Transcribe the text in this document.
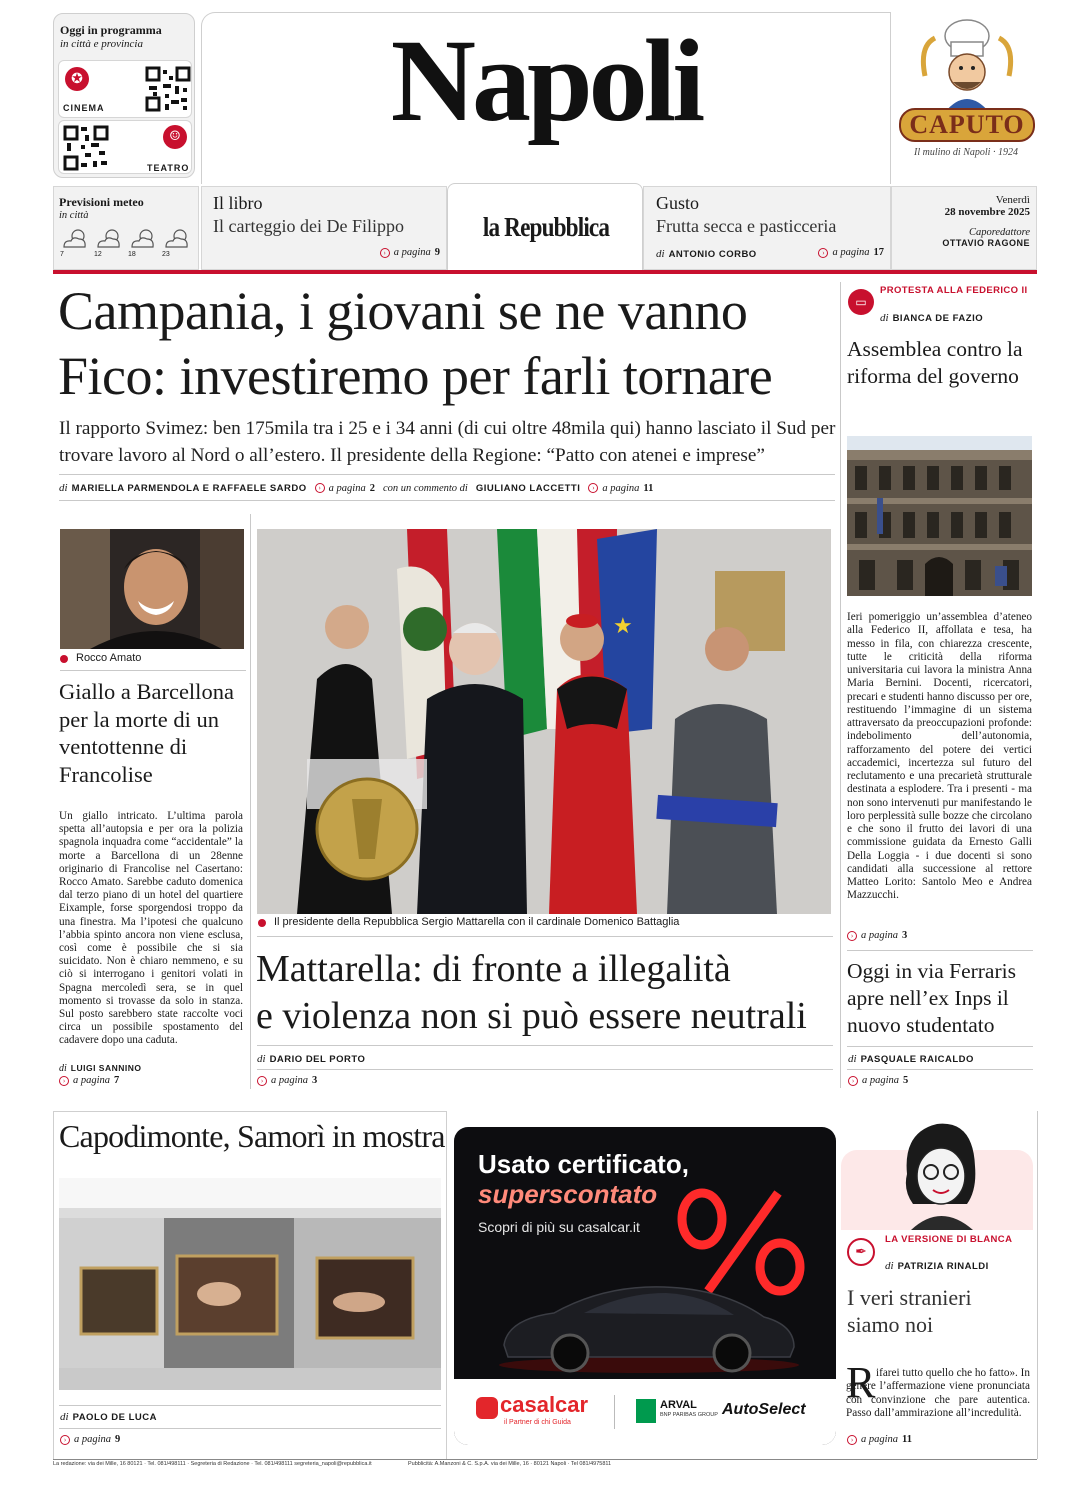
Oggi in programma
in città e provincia
✪
CINEMA
☺
TEATRO
Napoli	CAPUTO
Il mulino di Napoli · 1924
Previsioni meteo
in città
7	12	18	23
Il libro
Il carteggio dei De Filippo
› a pagina 9
la Repubblica
Gusto
Frutta secca e pasticceria
di ANTONIO CORBO	› a pagina 17
Venerdì
28 novembre 2025
Caporedattore
OTTAVIO RAGONE
Campania, i giovani se ne vanno
Fico: investiremo per farli tornare
Il rapporto Svimez: ben 175mila tra i 25 e i 34 anni (di cui oltre 48mila qui) hanno lasciato il Sud per trovare lavoro al Nord o all’estero. Il presidente della Regione: “Patto con atenei e imprese”
di MARIELLA PARMENDOLA E RAFFAELE SARDO	› a pagina 2 con un commento di GIULIANO LACCETTI	› a pagina 11
▭
PROTESTA ALLA FEDERICO II
di BIANCA DE FAZIO
Assemblea contro la riforma del governo
Ieri pomeriggio un’assemblea d’ateneo alla Federico II, affollata e tesa, ha messo in fila, con chiarezza crescente, tutte le criticità della riforma universitaria cui lavora la ministra Anna Maria Bernini. Docenti, ricercatori, precari e studenti hanno discusso per ore, restituendo l’immagine di un sistema attraversato da preoccupazioni profonde: indebolimento dell’autonomia, rafforzamento del potere dei vertici accademici, incertezza sul futuro del reclutamento e una precarietà strutturale destinata a esplodere. Tra i presenti - ma non sono intervenuti pur manifestando le loro perplessità sulle bozze che circolano e che sono il frutto dei lavori di una commissione guidata da Ernesto Galli Della Loggia - i due docenti si sono candidati alla successione al rettore Matteo Lorito: Santolo Meo e Andrea Mazzucchi.
› a pagina 3
Oggi in via Ferraris apre nell’ex Inps il nuovo studentato
di PASQUALE RAICALDO
› a pagina 5
Rocco Amato
Giallo a Barcellona per la morte di un ventottenne di Francolise
Un giallo intricato. L’ultima parola spetta all’autopsia e per ora la polizia spagnola inquadra come “accidentale” la morte a Barcellona di un 28enne originario di Francolise nel Casertano: Rocco Amato. Sarebbe caduto domenica dal terzo piano di un hotel del quartiere Eixample, forse sporgendosi troppo da una finestra. Ma l’ipotesi che qualcuno l’abbia spinto ancora non viene esclusa, così come è possibile che si sia suicidato. Non è chiaro nemmeno, e su ciò si interrogano i genitori volati in Spagna mercoledì sera, se in quel momento si trovasse da solo in stanza. Sul posto sarebbero state raccolte voci circa un possibile spostamento del cadavere dopo una caduta.
di LUIGI SANNINO
› a pagina 7
★
Il presidente della Repubblica Sergio Mattarella con il cardinale Domenico Battaglia
Mattarella: di fronte a illegalità
e violenza non si può essere neutrali
di DARIO DEL PORTO
› a pagina 3
Capodimonte, Samorì in mostra
di PAOLO DE LUCA
› a pagina 9
Usato certificato,
superscontato
Scopri di più su casalcar.it
casalcar
il Partner di chi Guida
ARVAL
BNP PARIBAS GROUP AutoSelect
✒
LA VERSIONE DI BLANCA
di PATRIZIA RINALDI
I veri stranieri siamo noi
R ifarei tutto quello che ho fatto». In genere l’affermazione viene pronunciata con convinzione che pare autentica. Passo dall’ammirazione all’incredulità.
› a pagina 11
La redazione: via dei Mille, 16 80121 · Tel. 081/498111 · Segreteria di Redazione · Tel. 081/498111 segreteria_napoli@repubblica.it	Pubblicità: A.Manzoni & C. S.p.A. via dei Mille, 16 · 80121 Napoli · Tel 081/4975811
